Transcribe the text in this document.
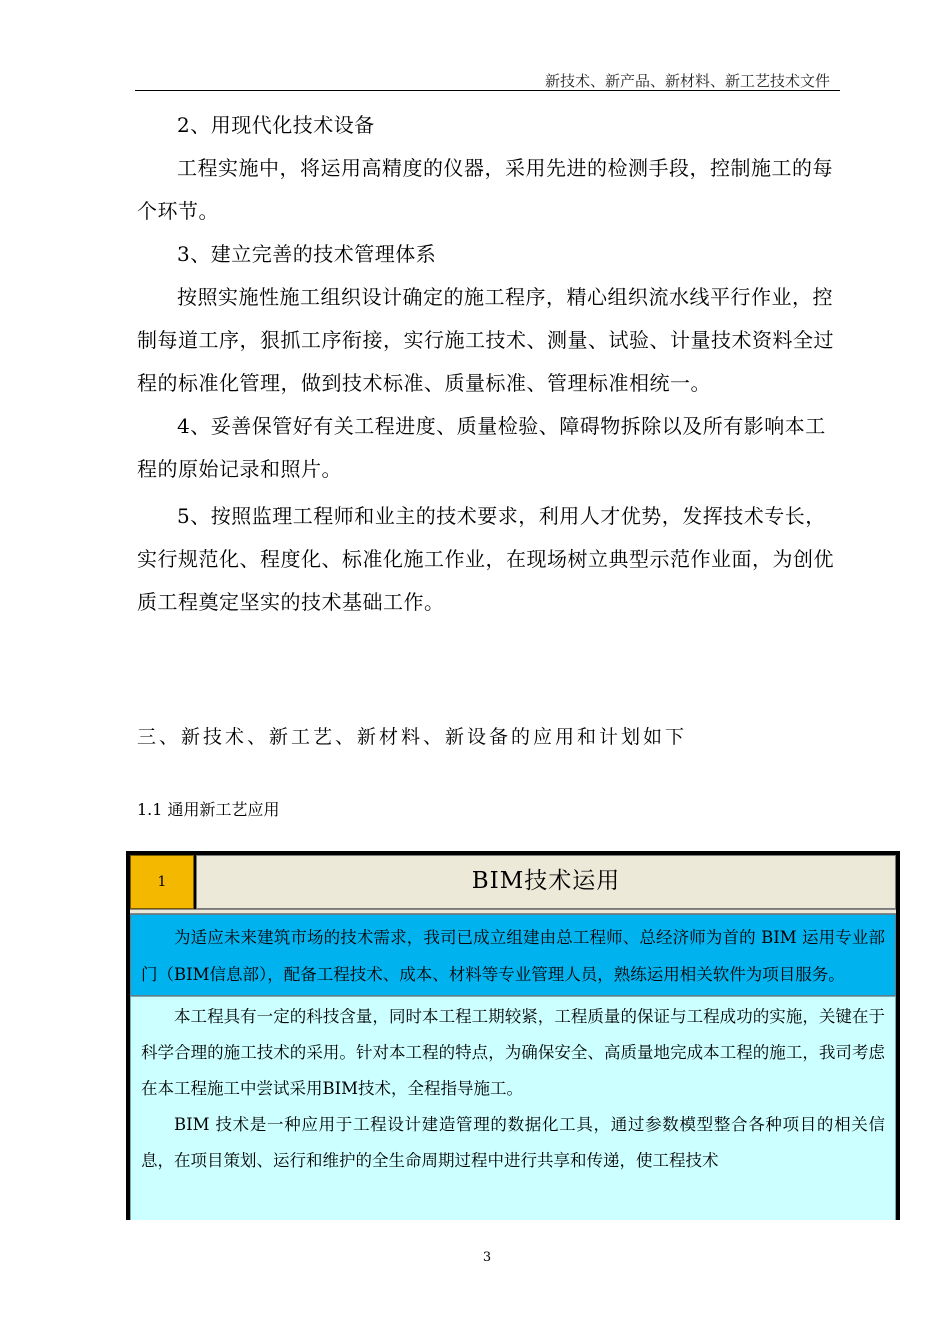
新技术、新产品、新材料、新工艺技术文件

2、用现代化技术设备

工程实施中，将运用高精度的仪器，采用先进的检测手段，控制施工的每个环节。

3、建立完善的技术管理体系

按照实施性施工组织设计确定的施工程序，精心组织流水线平行作业，控制每道工序，狠抓工序衔接，实行施工技术、测量、试验、计量技术资料全过程的标准化管理，做到技术标准、质量标准、管理标准相统一。

4、妥善保管好有关工程进度、质量检验、障碍物拆除以及所有影响本工程的原始记录和照片。

5、按照监理工程师和业主的技术要求，利用人才优势，发挥技术专长，实行规范化、程度化、标准化施工作业，在现场树立典型示范作业面，为创优质工程奠定坚实的技术基础工作。

三、新技术、新工艺、新材料、新设备的应用和计划如下
1.1 通用新工艺应用
1	BIM技术运用

为适应未来建筑市场的技术需求，我司已成立组建由总工程师、总经济师为首的 BIM 运用专业部门（BIM信息部），配备工程技术、成本、材料等专业管理人员，熟练运用相关软件为项目服务。

本工程具有一定的科技含量，同时本工程工期较紧，工程质量的保证与工程成功的实施，关键在于科学合理的施工技术的采用。针对本工程的特点，为确保安全、高质量地完成本工程的施工，我司考虑在本工程施工中尝试采用BIM技术，全程指导施工。

BIM 技术是一种应用于工程设计建造管理的数据化工具，通过参数模型整合各种项目的相关信息，在项目策划、运行和维护的全生命周期过程中进行共享和传递，使工程技术

3
